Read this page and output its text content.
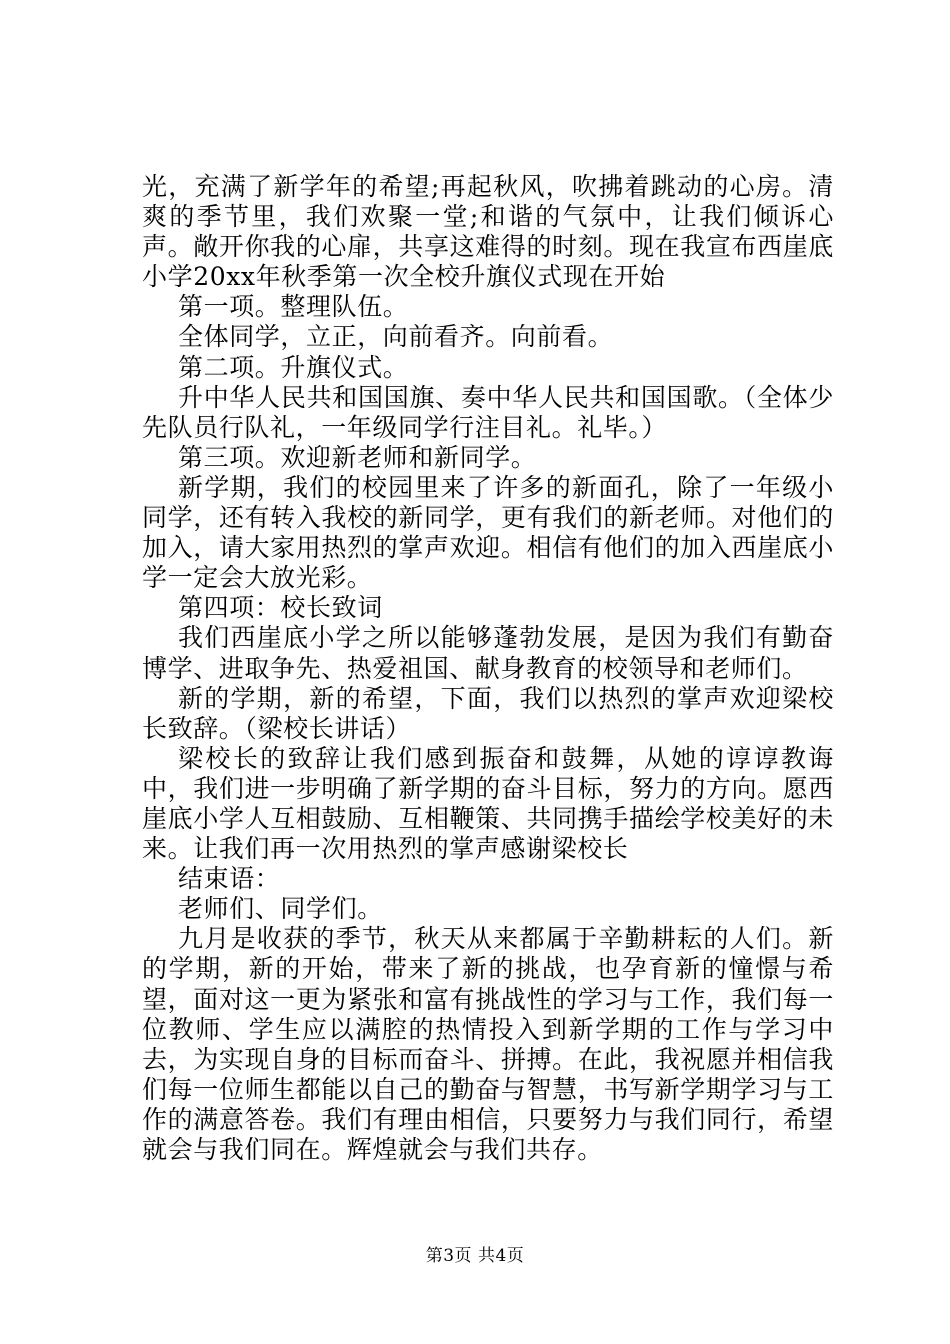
光，充满了新学年的希望;再起秋风，吹拂着跳动的心房。清爽的季节里，我们欢聚一堂;和谐的气氛中，让我们倾诉心声。敞开你我的心扉，共享这难得的时刻。现在我宣布西崖底小学20xx年秋季第一次全校升旗仪式现在开始

第一项。整理队伍。

全体同学，立正，向前看齐。向前看。

第二项。升旗仪式。

升中华人民共和国国旗、奏中华人民共和国国歌。（全体少先队员行队礼，一年级同学行注目礼。礼毕。）

第三项。欢迎新老师和新同学。

新学期，我们的校园里来了许多的新面孔，除了一年级小同学，还有转入我校的新同学，更有我们的新老师。对他们的加入，请大家用热烈的掌声欢迎。相信有他们的加入西崖底小学一定会大放光彩。

第四项：校长致词

我们西崖底小学之所以能够蓬勃发展，是因为我们有勤奋博学、进取争先、热爱祖国、献身教育的校领导和老师们。

新的学期，新的希望，下面，我们以热烈的掌声欢迎梁校长致辞。（梁校长讲话）

梁校长的致辞让我们感到振奋和鼓舞，从她的谆谆教诲中，我们进一步明确了新学期的奋斗目标，努力的方向。愿西崖底小学人互相鼓励、互相鞭策、共同携手描绘学校美好的未来。让我们再一次用热烈的掌声感谢梁校长

结束语：

老师们、同学们。

九月是收获的季节，秋天从来都属于辛勤耕耘的人们。新的学期，新的开始，带来了新的挑战，也孕育新的憧憬与希望，面对这一更为紧张和富有挑战性的学习与工作，我们每一位教师、学生应以满腔的热情投入到新学期的工作与学习中去，为实现自身的目标而奋斗、拼搏。在此，我祝愿并相信我们每一位师生都能以自己的勤奋与智慧，书写新学期学习与工作的满意答卷。我们有理由相信，只要努力与我们同行，希望就会与我们同在。辉煌就会与我们共存。

第3页 共4页
